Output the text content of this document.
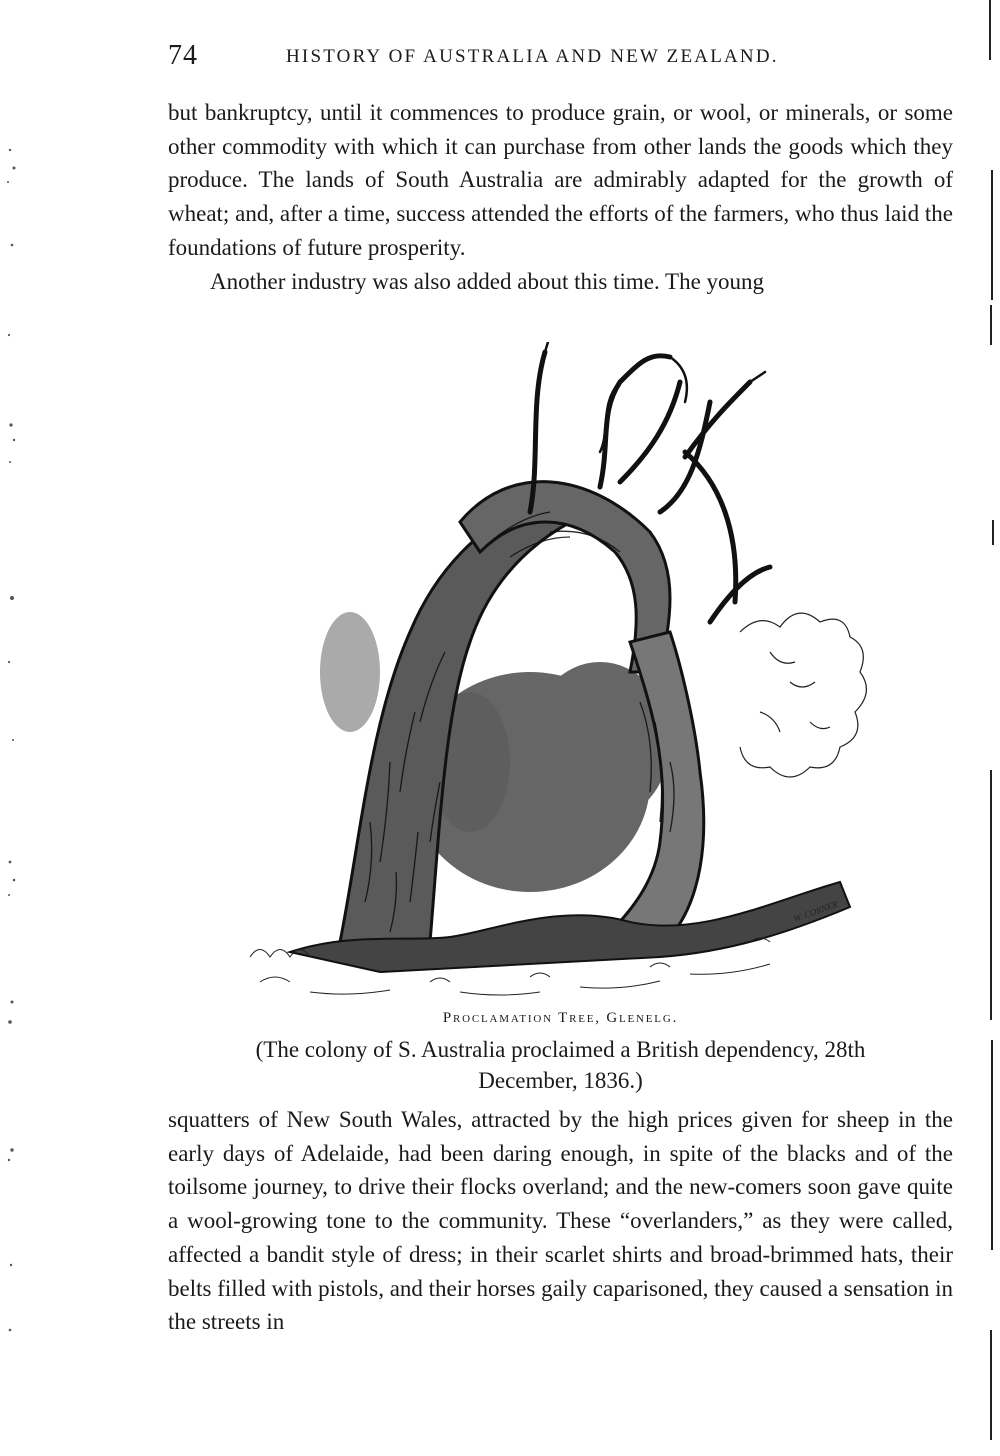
74	HISTORY OF AUSTRALIA AND NEW ZEALAND.

but bankruptcy, until it commences to produce grain, or wool, or minerals, or some other commodity with which it can purchase from other lands the goods which they produce. The lands of South Australia are admirably adapted for the growth of wheat; and, after a time, success attended the efforts of the farmers, who thus laid the foundations of future prosperity.

Another industry was also added about this time. The young

W. CORNER
Proclamation Tree, Glenelg.
(The colony of S. Australia proclaimed a British dependency, 28th
December, 1836.)

squatters of New South Wales, attracted by the high prices given for sheep in the early days of Adelaide, had been daring enough, in spite of the blacks and of the toilsome journey, to drive their flocks overland; and the new-comers soon gave quite a wool-growing tone to the community. These “overlanders,” as they were called, affected a bandit style of dress; in their scarlet shirts and broad-brimmed hats, their belts filled with pistols, and their horses gaily caparisoned, they caused a sensation in the streets in
